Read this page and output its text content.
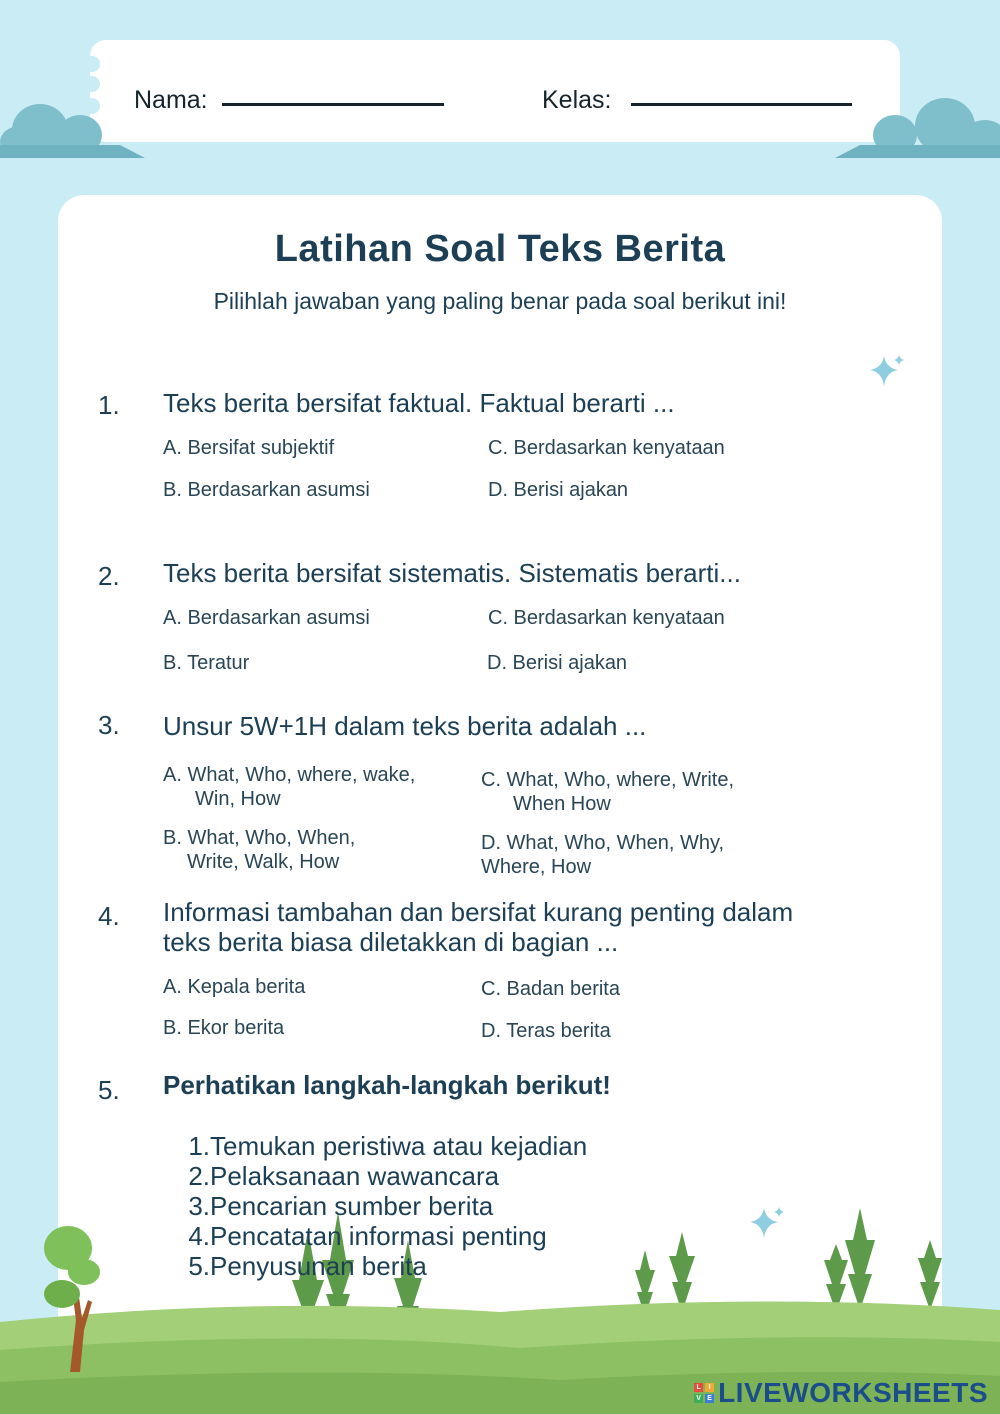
Nama:	Kelas:
Latihan Soal Teks Berita
Pilihlah jawaban yang paling benar pada soal berikut ini!
1. Teks berita bersifat faktual. Faktual berarti ...
A. Bersifat subjektif
B. Berdasarkan asumsi
C. Berdasarkan kenyataan
D. Berisi ajakan
2. Teks berita bersifat sistematis. Sistematis berarti...
A. Berdasarkan asumsi
B. Teratur
C. Berdasarkan kenyataan
D. Berisi ajakan
3. Unsur 5W+1H dalam teks berita adalah ...
A. What, Who, where, wake,
Win, How
B. What, Who, When,
Write, Walk, How
C. What, Who, where, Write,
When How
D. What, Who, When, Why,
Where, How
4. Informasi tambahan dan bersifat kurang penting dalam
teks berita biasa diletakkan di bagian ...
A. Kepala berita
B. Ekor berita
C. Badan berita
D. Teras berita
5. Perhatikan langkah-langkah berikut!
1.Temukan peristiwa atau kejadian
2.Pelaksanaan wawancara
3.Pencarian sumber berita
4.Pencatatan informasi penting
5.Penyusunan berita
L	I
V E LIVEWORKSHEETS
